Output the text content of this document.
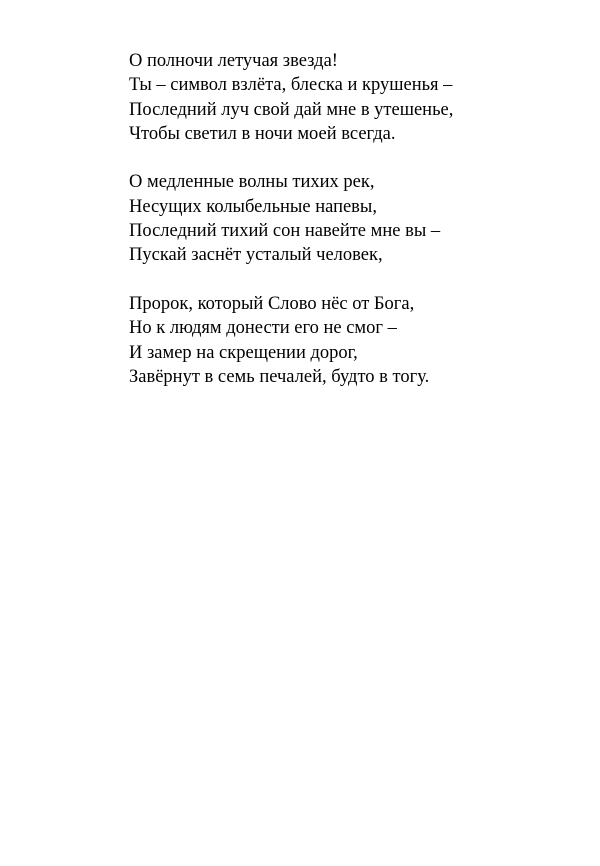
О полночи летучая звезда!
Ты – символ взлёта, блеска и крушенья –
Последний луч свой дай мне в утешенье,
Чтобы светил в ночи моей всегда.
О медленные волны тихих рек,
Несущих колыбельные напевы,
Последний тихий сон навейте мне вы –
Пускай заснёт усталый человек,
Пророк, который Слово нёс от Бога,
Но к людям донести его не смог –
И замер на скрещении дорог,
Завёрнут в семь печалей, будто в тогу.
